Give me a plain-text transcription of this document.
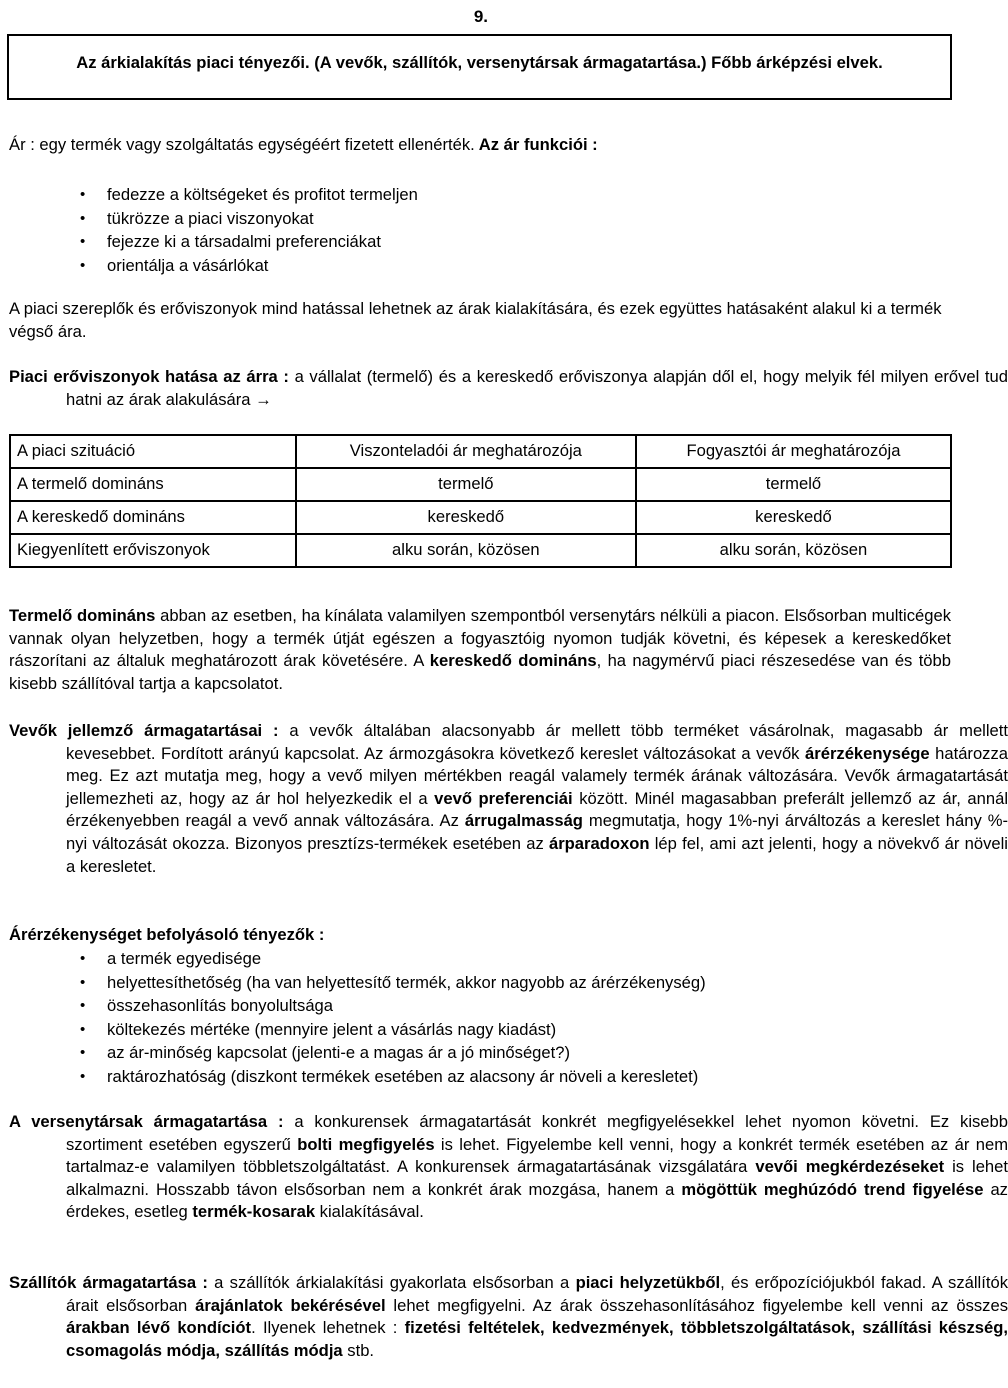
9.
Az árkialakítás piaci tényezői. (A vevők, szállítók, versenytársak ármagatartása.) Főbb árképzési elvek.
Ár : egy termék vagy szolgáltatás egységéért fizetett ellenérték. Az ár funkciói :
• fedezze a költségeket és profitot termeljen
• tükrözze a piaci viszonyokat
• fejezze ki a társadalmi preferenciákat
• orientálja a vásárlókat
A piaci szereplők és erőviszonyok mind hatással lehetnek az árak kialakítására, és ezek együttes hatásaként alakul ki a termék végső ára.
Piaci erőviszonyok hatása az árra : a vállalat (termelő) és a kereskedő erőviszonya alapján dől el, hogy melyik fél milyen erővel tud hatni az árak alakulására →
A piaci szituáció	Viszonteladói ár meghatározója	Fogyasztói ár meghatározója
A termelő domináns	termelő	termelő
A kereskedő domináns	kereskedő	kereskedő
Kiegyenlített erőviszonyok	alku során, közösen	alku során, közösen
Termelő domináns abban az esetben, ha kínálata valamilyen szempontból versenytárs nélküli a piacon. Elsősorban multicégek vannak olyan helyzetben, hogy a termék útját egészen a fogyasztóig nyomon tudják követni, és képesek a kereskedőket rászorítani az általuk meghatározott árak követésére. A kereskedő domináns, ha nagymérvű piaci részesedése van és több kisebb szállítóval tartja a kapcsolatot.
Vevők jellemző ármagatartásai : a vevők általában alacsonyabb ár mellett több terméket vásárolnak, magasabb ár mellett kevesebbet. Fordított arányú kapcsolat. Az ármozgásokra következő kereslet változásokat a vevők árérzékenysége határozza meg. Ez azt mutatja meg, hogy a vevő milyen mértékben reagál valamely termék árának változására. Vevők ármagatartását jellemezheti az, hogy az ár hol helyezkedik el a vevő preferenciái között. Minél magasabban preferált jellemző az ár, annál érzékenyebben reagál a vevő annak változására. Az árrugalmasság megmutatja, hogy 1%-nyi árváltozás a kereslet hány %-nyi változását okozza. Bizonyos presztízs-termékek esetében az árparadoxon lép fel, ami azt jelenti, hogy a növekvő ár növeli a keresletet.
Árérzékenységet befolyásoló tényezők :
• a termék egyedisége
• helyettesíthetőség (ha van helyettesítő termék, akkor nagyobb az árérzékenység)
• összehasonlítás bonyolultsága
• költekezés mértéke (mennyire jelent a vásárlás nagy kiadást)
• az ár-minőség kapcsolat (jelenti-e a magas ár a jó minőséget?)
• raktározhatóság (diszkont termékek esetében az alacsony ár növeli a keresletet)
A versenytársak ármagatartása : a konkurensek ármagatartását konkrét megfigyelésekkel lehet nyomon követni. Ez kisebb szortiment esetében egyszerű bolti megfigyelés is lehet. Figyelembe kell venni, hogy a konkrét termék esetében az ár nem tartalmaz-e valamilyen többletszolgáltatást. A konkurensek ármagatartásának vizsgálatára vevői megkérdezéseket is lehet alkalmazni. Hosszabb távon elsősorban nem a konkrét árak mozgása, hanem a mögöttük meghúzódó trend figyelése az érdekes, esetleg termék-kosarak kialakításával.
Szállítók ármagatartása : a szállítók árkialakítási gyakorlata elsősorban a piaci helyzetükből, és erőpozíciójukból fakad. A szállítók árait elsősorban árajánlatok bekérésével lehet megfigyelni. Az árak összehasonlításához figyelembe kell venni az összes árakban lévő kondíciót. Ilyenek lehetnek : fizetési feltételek, kedvezmények, többletszolgáltatások, szállítási készség, csomagolás módja, szállítás módja stb.
